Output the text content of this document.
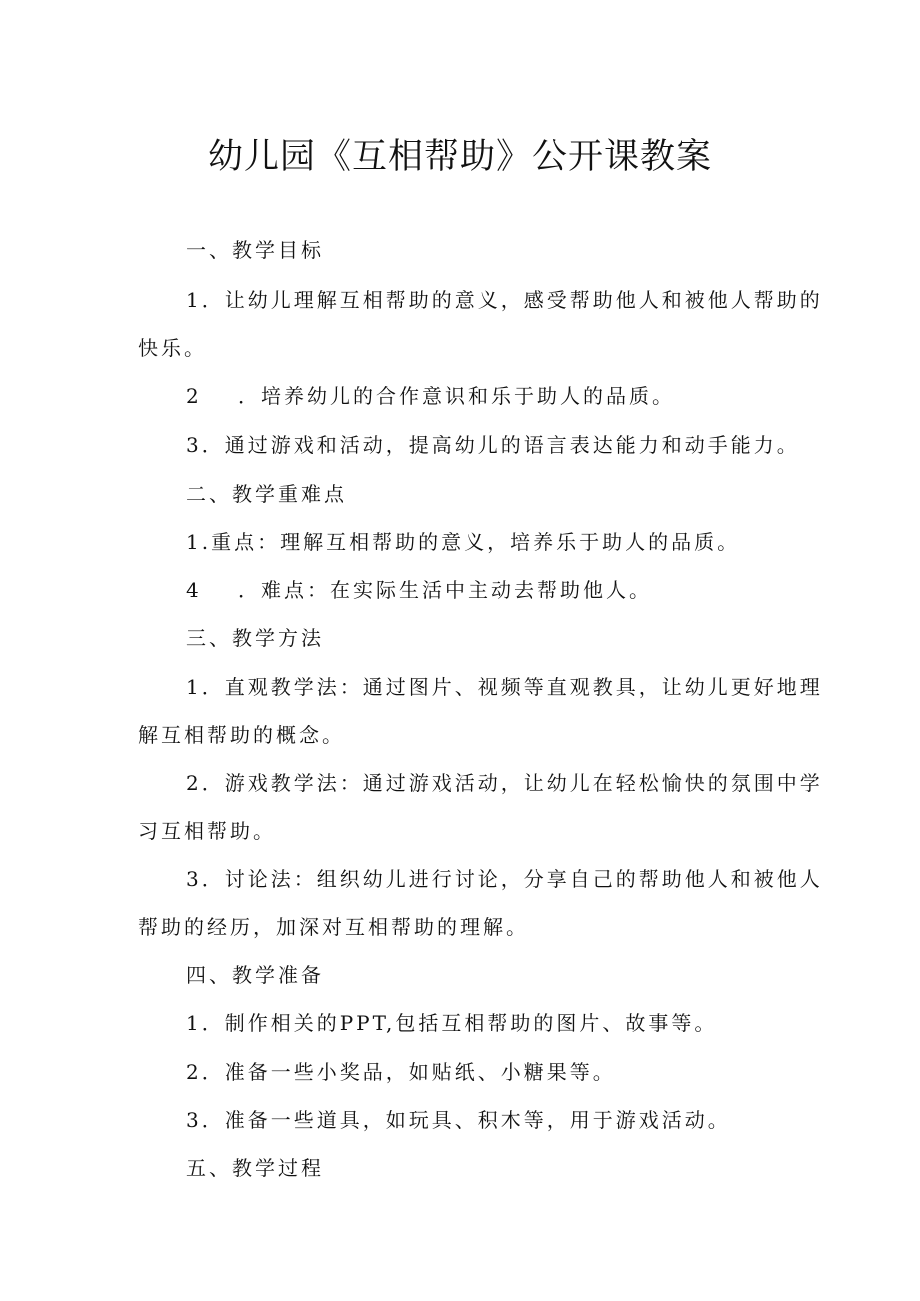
幼儿园《互相帮助》公开课教案

一、教学目标

1．让幼儿理解互相帮助的意义，感受帮助他人和被他人帮助的

快乐。

2 ．培养幼儿的合作意识和乐于助人的品质。

3．通过游戏和活动，提高幼儿的语言表达能力和动手能力。

二、教学重难点

1.重点：理解互相帮助的意义，培养乐于助人的品质。

4 ．难点：在实际生活中主动去帮助他人。

三、教学方法

1．直观教学法：通过图片、视频等直观教具，让幼儿更好地理

解互相帮助的概念。

2．游戏教学法：通过游戏活动，让幼儿在轻松愉快的氛围中学

习互相帮助。

3．讨论法：组织幼儿进行讨论，分享自己的帮助他人和被他人

帮助的经历，加深对互相帮助的理解。

四、教学准备

1．制作相关的PPT,包括互相帮助的图片、故事等。

2．准备一些小奖品，如贴纸、小糖果等。

3．准备一些道具，如玩具、积木等，用于游戏活动。

五、教学过程
